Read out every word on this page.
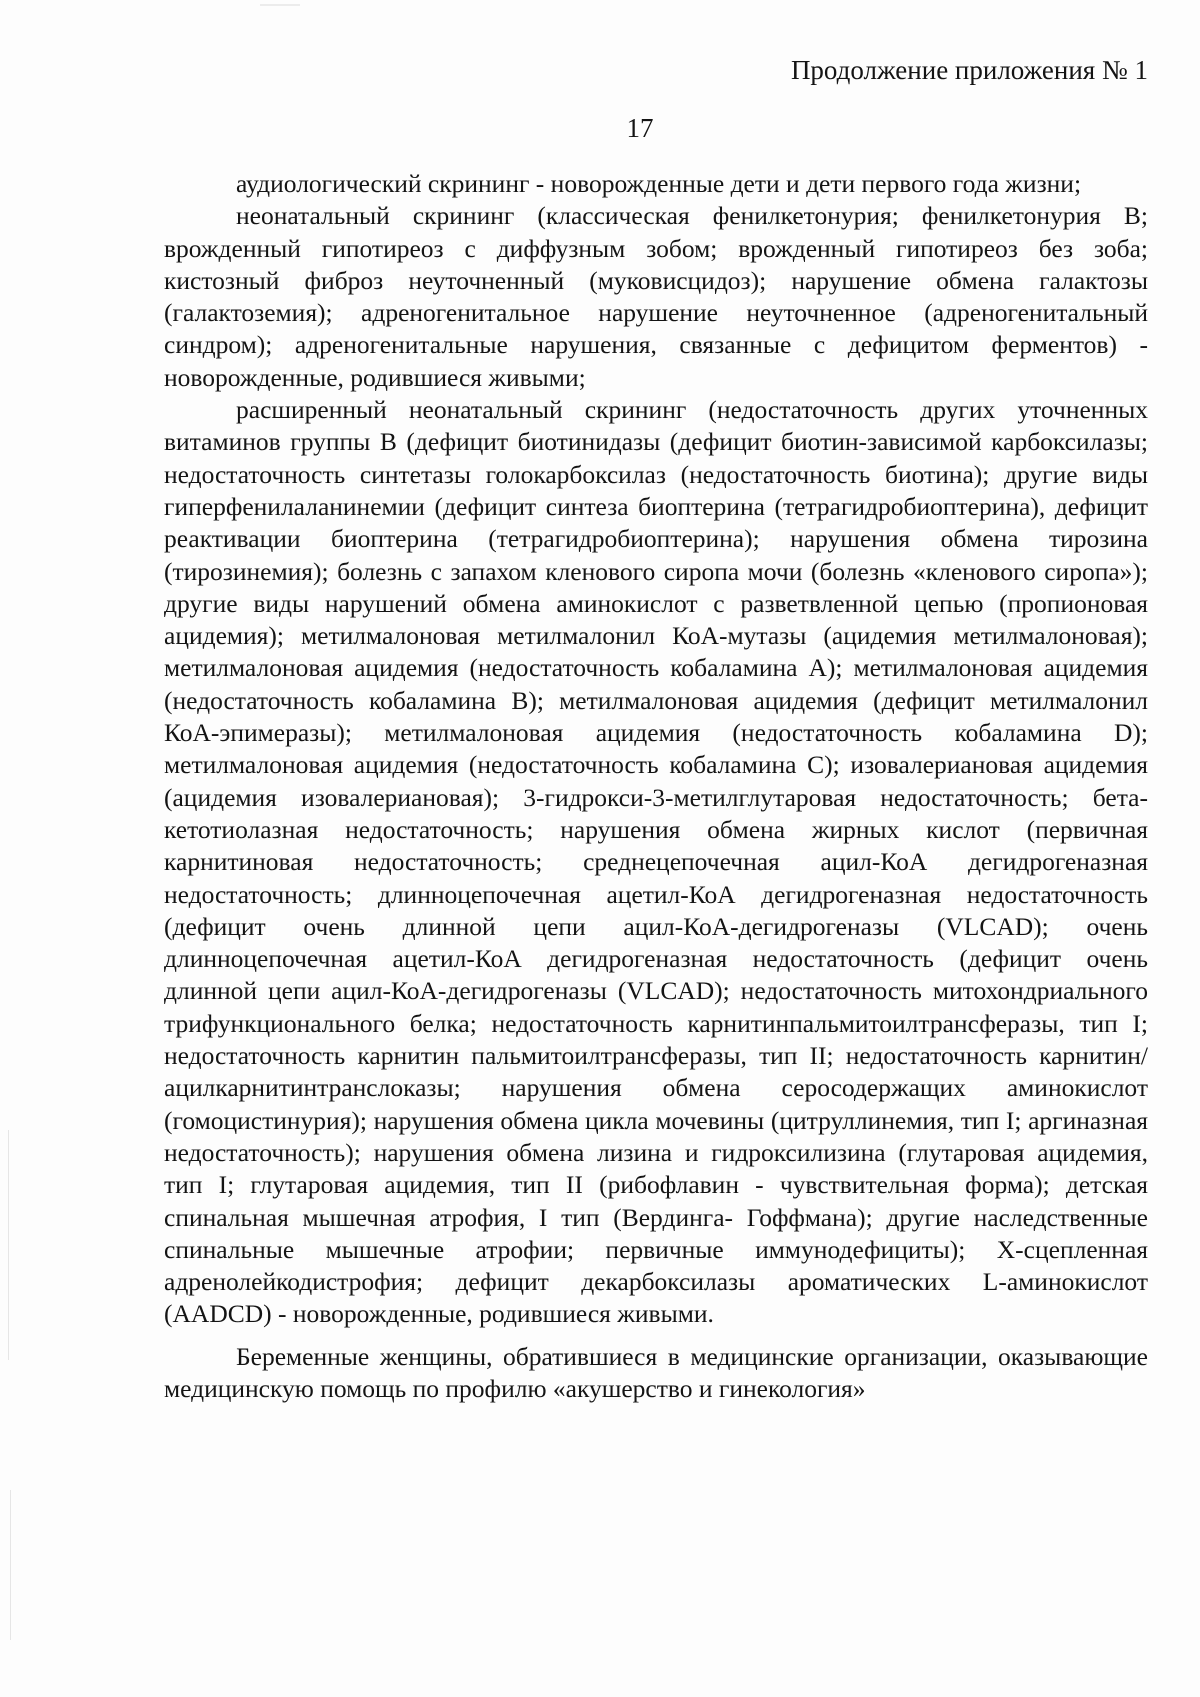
Продолжение приложения № 1
17

аудиологический скрининг - новорожденные дети и дети первого года жизни;

неонатальный скрининг (классическая фенилкетонурия; фенилкетонурия В; врожденный гипотиреоз с диффузным зобом; врожденный гипотиреоз без зоба; кистозный фиброз неуточненный (муковисцидоз); нарушение обмена галактозы (галактоземия); адреногенитальное нарушение неуточненное (адреногенитальный синдром); адреногенитальные нарушения, связанные с дефицитом ферментов) - новорожденные, родившиеся живыми;

расширенный неонатальный скрининг (недостаточность других уточненных витаминов группы В (дефицит биотинидазы (дефицит биотин-зависимой карбоксилазы; недостаточность синтетазы голокарбоксилаз (недостаточность биотина); другие виды гиперфенилаланинемии (дефицит синтеза биоптерина (тетрагидробиоптерина), дефицит реактивации биоптерина (тетрагидробиоптерина); нарушения обмена тирозина (тирозинемия); болезнь с запахом кленового сиропа мочи (болезнь «кленового сиропа»); другие виды нарушений обмена аминокислот с разветвленной цепью (пропионовая ацидемия); метилмалоновая метилмалонил КоА-мутазы (ацидемия метилмалоновая); метилмалоновая ацидемия (недостаточность кобаламина А); метилмалоновая ацидемия (недостаточность кобаламина В); метилмалоновая ацидемия (дефицит метилмалонил КоА-эпимеразы); метилмалоновая ацидемия (недостаточность кобаламина D); метилмалоновая ацидемия (недостаточность кобаламина С); изовалериановая ацидемия (ацидемия изовалериановая); 3-гидрокси-3-метилглутаровая недостаточность; бета-кетотиолазная недостаточность; нарушения обмена жирных кислот (первичная карнитиновая недостаточность; среднецепочечная ацил-КоА дегидрогеназная недостаточность; длинноцепочечная ацетил-КоА дегидрогеназная недостаточность (дефицит очень длинной цепи ацил-КоА-дегидрогеназы (VLCAD); очень длинноцепочечная ацетил-КоА дегидрогеназная недостаточность (дефицит очень длинной цепи ацил-КоА-дегидрогеназы (VLCAD); недостаточность митохондриального трифункционального белка; недостаточность карнитинпальмитоилтрансферазы, тип I; недостаточность карнитин пальмитоилтрансферазы, тип II; недостаточность карнитин/ацилкарнитинтранслоказы; нарушения обмена серосодержащих аминокислот (гомоцистинурия); нарушения обмена цикла мочевины (цитруллинемия, тип I; аргиназная недостаточность); нарушения обмена лизина и гидроксилизина (глутаровая ацидемия, тип I; глутаровая ацидемия, тип II (рибофлавин - чувствительная форма); детская спинальная мышечная атрофия, I тип (Вердинга- Гоффмана); другие наследственные спинальные мышечные атрофии; первичные иммунодефициты); Х-сцепленная адренолейкодистрофия; дефицит декарбоксилазы ароматических L-аминокислот (AADCD) - новорожденные, родившиеся живыми.

Беременные женщины, обратившиеся в медицинские организации, оказывающие медицинскую помощь по профилю «акушерство и гинекология»
